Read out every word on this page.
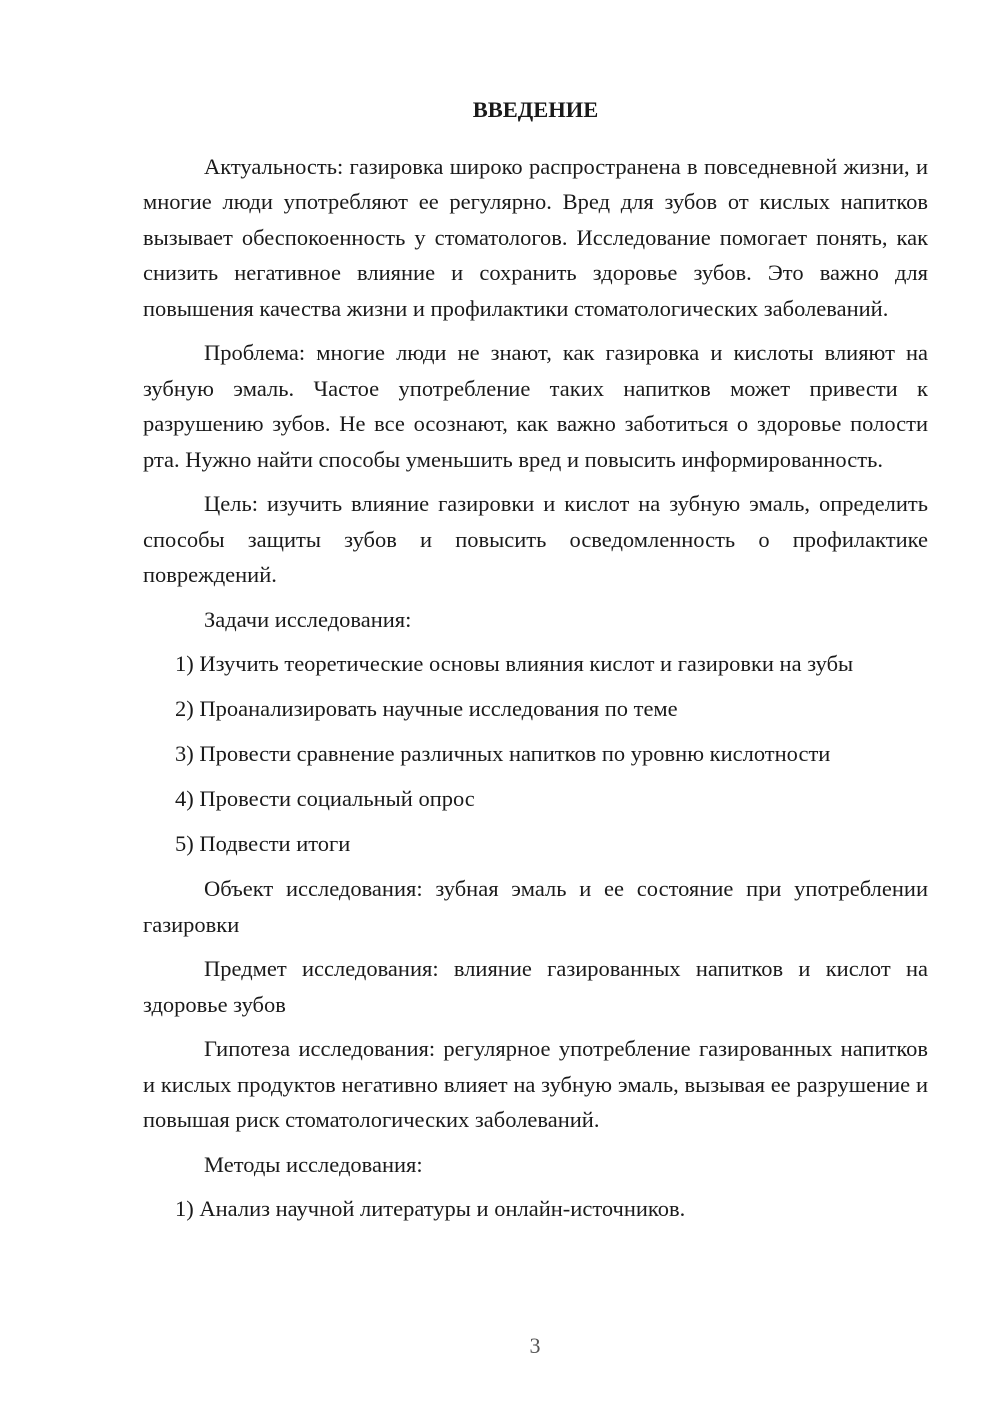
ВВЕДЕНИЕ

Актуальность: газировка широко распространена в повседневной жизни, и многие люди употребляют ее регулярно. Вред для зубов от кислых напитков вызывает обеспокоенность у стоматологов. Исследование помогает понять, как снизить негативное влияние и сохранить здоровье зубов. Это важно для повышения качества жизни и профилактики стоматологических заболеваний.

Проблема: многие люди не знают, как газировка и кислоты влияют на зубную эмаль. Частое употребление таких напитков может привести к разрушению зубов. Не все осознают, как важно заботиться о здоровье полости рта. Нужно найти способы уменьшить вред и повысить информированность.

Цель: изучить влияние газировки и кислот на зубную эмаль, определить способы защиты зубов и повысить осведомленность о профилактике повреждений.

Задачи исследования:

1) Изучить теоретические основы влияния кислот и газировки на зубы
2) Проанализировать научные исследования по теме
3) Провести сравнение различных напитков по уровню кислотности
4) Провести социальный опрос
5) Подвести итоги

Объект исследования: зубная эмаль и ее состояние при употреблении газировки

Предмет исследования: влияние газированных напитков и кислот на здоровье зубов

Гипотеза исследования: регулярное употребление газированных напитков и кислых продуктов негативно влияет на зубную эмаль, вызывая ее разрушение и повышая риск стоматологических заболеваний.

Методы исследования:

1) Анализ научной литературы и онлайн-источников.
3
